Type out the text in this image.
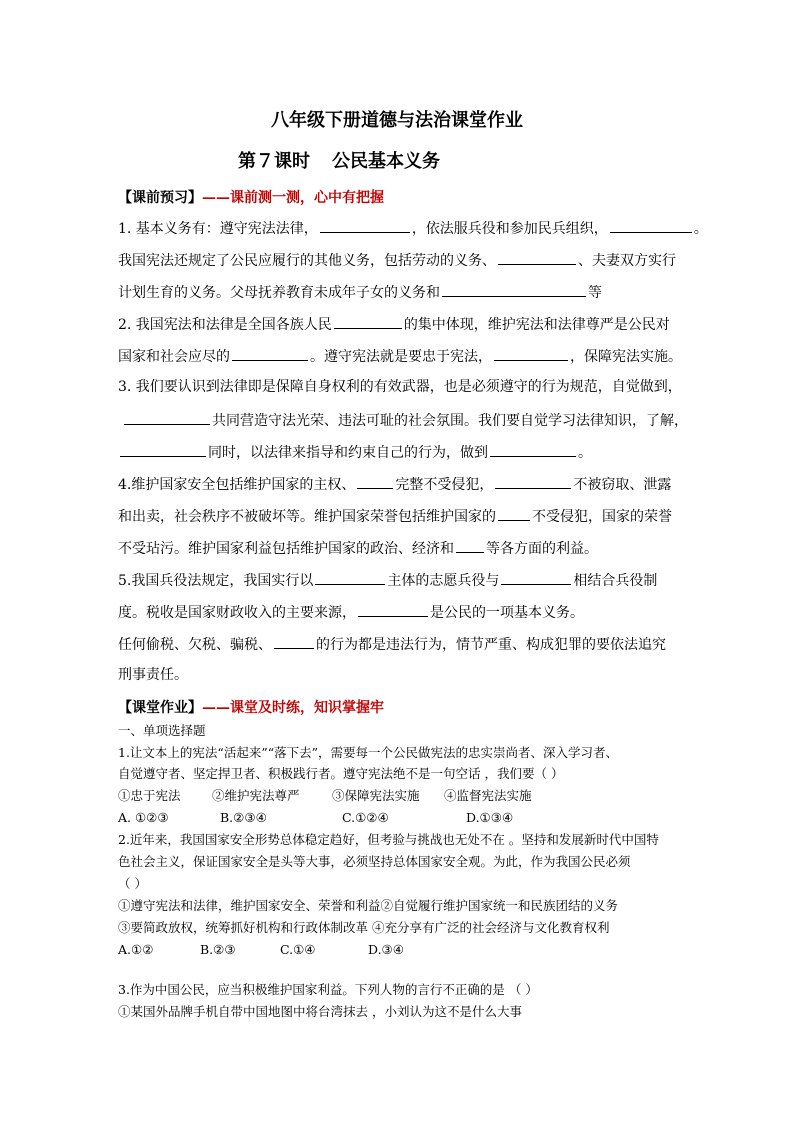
八年级下册道德与法治课堂作业
第７课时 公民基本义务
【课前预习】——课前测一测，心中有把握
1. 基本义务有：遵守宪法法律，	，依法服兵役和参加民兵组织，	。
我国宪法还规定了公民应履行的其他义务，包括劳动的义务、	、夫妻双方实行
计划生育的义务。父母抚养教育未成年子女的义务和	等
2. 我国宪法和法律是全国各族人民	的集中体现，维护宪法和法律尊严是公民对
国家和社会应尽的	。遵守宪法就是要忠于宪法，	，保障宪法实施。
3. 我们要认识到法律即是保障自身权利的有效武器，也是必须遵守的行为规范，自觉做到，
共同营造守法光荣、违法可耻的社会氛围。我们要自觉学习法律知识，了解，
同时，以法律来指导和约束自己的行为，做到	。
4.维护国家安全包括维护国家的主权、	完整不受侵犯，	不被窃取、泄露
和出卖，社会秩序不被破坏等。维护国家荣誉包括维护国家的	不受侵犯，国家的荣誉
不受玷污。维护国家利益包括维护国家的政治、经济和 等各方面的利益。
5.我国兵役法规定，我国实行以	主体的志愿兵役与	相结合兵役制
度。税收是国家财政收入的主要来源，	是公民的一项基本义务。
任何偷税、欠税、骗税、	的行为都是违法行为，情节严重、构成犯罪的要依法追究
刑事责任。
【课堂作业】——课堂及时练，知识掌握牢
一、单项选择题
1.让文本上的宪法“活起来”“落下去”，需要每一个公民做宪法的忠实崇尚者、深入学习者、
自觉遵守者、坚定捍卫者、积极践行者。遵守宪法绝不是一句空话 ，我们要（ ）
①忠于宪法	②维护宪法尊严	③保障宪法实施 ④监督宪法实施
A. ①②③	B.②③④	C.①②④	D.①③④
2.近年来，我国国家安全形势总体稳定趋好，但考验与挑战也无处不在 。坚持和发展新时代中国特
色社会主义，保证国家安全是头等大事，必须坚持总体国家安全观。为此，作为我国公民必须
（ ）
①遵守宪法和法律，维护国家安全、荣誉和利益②自觉履行维护国家统一和民族团结的义务
③要简政放权，统筹抓好机构和行政体制改革 ④充分享有广泛的社会经济与文化教育权利
A.①②	B.②③	C.①④	D.③④
3.作为中国公民，应当积极维护国家利益。下列人物的言行不正确的是 （ ）
①某国外品牌手机自带中国地图中将台湾抹去 ，小刘认为这不是什么大事
